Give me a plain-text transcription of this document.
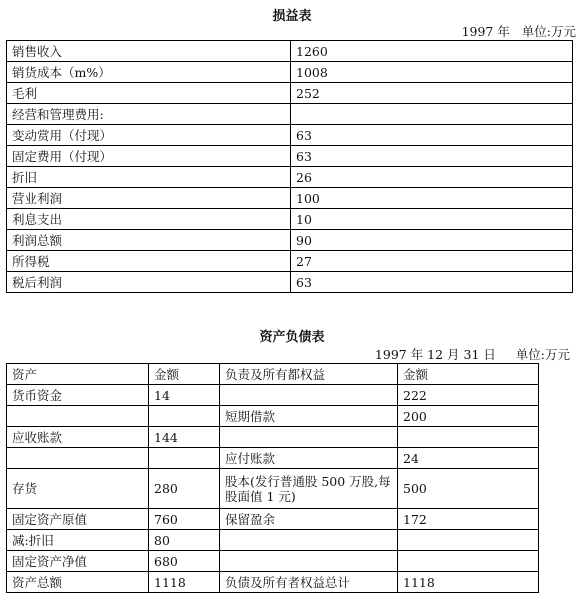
损益表
1997 年   单位:万元
销售收入	1260
销货成本（m%）	1008
毛利	252
经营和管理费用:	
变动赏用（付现）	63
固定费用（付现）	63
折旧	26
营业利润	100
利息支出	10
利润总额	90
所得税	27
税后利润	63
资产负债表
1997 年 12 月 31 日     单位:万元
资产	金额	负责及所有都权益	金额
货币资金	14		222
		短期借款	200
应收账款	144		
		应付账款	24
存货	280	股本(发行普通股 500 万股,每股面值 1 元)	500
固定资产原值	760	保留盈余	172
减:折旧	80		
固定资产净值	680		
资产总额	1118	负债及所有者权益总计	1118
